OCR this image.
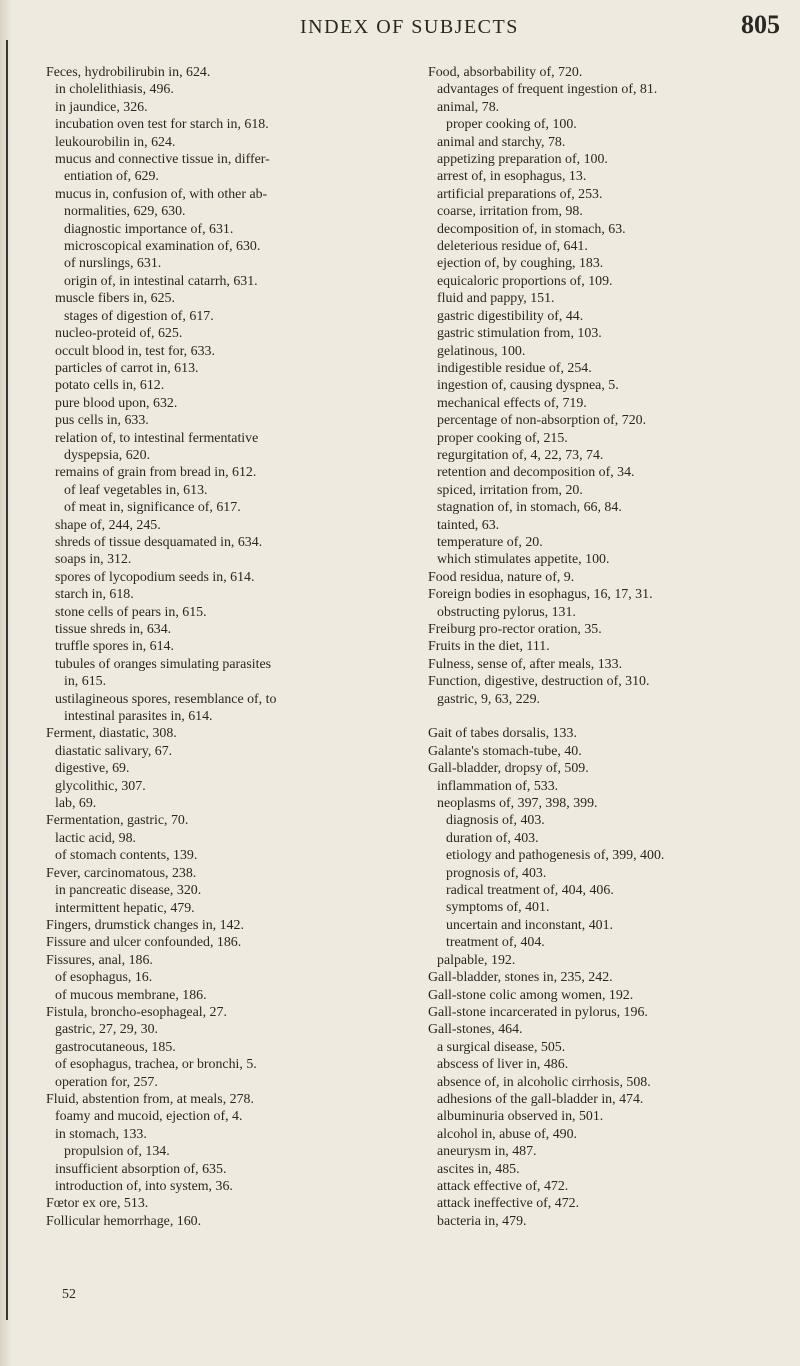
INDEX OF SUBJECTS	805
Feces, hydrobilirubin in, 624.
in cholelithiasis, 496.
in jaundice, 326.
incubation oven test for starch in, 618.
leukourobilin in, 624.
mucus and connective tissue in, differ-
entiation of, 629.
mucus in, confusion of, with other ab-
normalities, 629, 630.
diagnostic importance of, 631.
microscopical examination of, 630.
of nurslings, 631.
origin of, in intestinal catarrh, 631.
muscle fibers in, 625.
stages of digestion of, 617.
nucleo-proteid of, 625.
occult blood in, test for, 633.
particles of carrot in, 613.
potato cells in, 612.
pure blood upon, 632.
pus cells in, 633.
relation of, to intestinal fermentative
dyspepsia, 620.
remains of grain from bread in, 612.
of leaf vegetables in, 613.
of meat in, significance of, 617.
shape of, 244, 245.
shreds of tissue desquamated in, 634.
soaps in, 312.
spores of lycopodium seeds in, 614.
starch in, 618.
stone cells of pears in, 615.
tissue shreds in, 634.
truffle spores in, 614.
tubules of oranges simulating parasites
in, 615.
ustilagineous spores, resemblance of, to
intestinal parasites in, 614.
Ferment, diastatic, 308.
diastatic salivary, 67.
digestive, 69.
glycolithic, 307.
lab, 69.
Fermentation, gastric, 70.
lactic acid, 98.
of stomach contents, 139.
Fever, carcinomatous, 238.
in pancreatic disease, 320.
intermittent hepatic, 479.
Fingers, drumstick changes in, 142.
Fissure and ulcer confounded, 186.
Fissures, anal, 186.
of esophagus, 16.
of mucous membrane, 186.
Fistula, broncho-esophageal, 27.
gastric, 27, 29, 30.
gastrocutaneous, 185.
of esophagus, trachea, or bronchi, 5.
operation for, 257.
Fluid, abstention from, at meals, 278.
foamy and mucoid, ejection of, 4.
in stomach, 133.
propulsion of, 134.
insufficient absorption of, 635.
introduction of, into system, 36.
Fœtor ex ore, 513.
Follicular hemorrhage, 160.
Food, absorbability of, 720.
advantages of frequent ingestion of, 81.
animal, 78.
proper cooking of, 100.
animal and starchy, 78.
appetizing preparation of, 100.
arrest of, in esophagus, 13.
artificial preparations of, 253.
coarse, irritation from, 98.
decomposition of, in stomach, 63.
deleterious residue of, 641.
ejection of, by coughing, 183.
equicaloric proportions of, 109.
fluid and pappy, 151.
gastric digestibility of, 44.
gastric stimulation from, 103.
gelatinous, 100.
indigestible residue of, 254.
ingestion of, causing dyspnea, 5.
mechanical effects of, 719.
percentage of non-absorption of, 720.
proper cooking of, 215.
regurgitation of, 4, 22, 73, 74.
retention and decomposition of, 34.
spiced, irritation from, 20.
stagnation of, in stomach, 66, 84.
tainted, 63.
temperature of, 20.
which stimulates appetite, 100.
Food residua, nature of, 9.
Foreign bodies in esophagus, 16, 17, 31.
obstructing pylorus, 131.
Freiburg pro-rector oration, 35.
Fruits in the diet, 111.
Fulness, sense of, after meals, 133.
Function, digestive, destruction of, 310.
gastric, 9, 63, 229.
Gait of tabes dorsalis, 133.
Galante's stomach-tube, 40.
Gall-bladder, dropsy of, 509.
inflammation of, 533.
neoplasms of, 397, 398, 399.
diagnosis of, 403.
duration of, 403.
etiology and pathogenesis of, 399, 400.
prognosis of, 403.
radical treatment of, 404, 406.
symptoms of, 401.
uncertain and inconstant, 401.
treatment of, 404.
palpable, 192.
Gall-bladder, stones in, 235, 242.
Gall-stone colic among women, 192.
Gall-stone incarcerated in pylorus, 196.
Gall-stones, 464.
a surgical disease, 505.
abscess of liver in, 486.
absence of, in alcoholic cirrhosis, 508.
adhesions of the gall-bladder in, 474.
albuminuria observed in, 501.
alcohol in, abuse of, 490.
aneurysm in, 487.
ascites in, 485.
attack effective of, 472.
attack ineffective of, 472.
bacteria in, 479.
52
